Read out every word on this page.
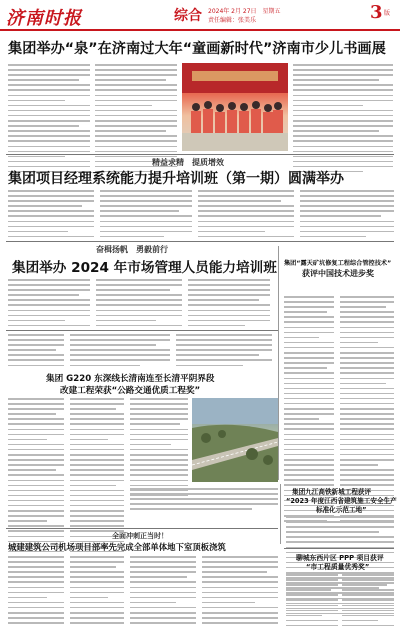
济南时报	综合 2024年 2月 27日　星期五
责任编辑：张美乐	3 版
集团举办“泉”在济南过大年“童画新时代”济南市少儿书画展
精益求精　提质增效
集团项目经理系统能力提升培训班（第一期）圆满举办
奋楫扬帆　勇毅前行
集团举办 2024 年市场管理人员能力培训班 集团“露天矿坑修复工程综合管控技术”
获评中国技术进步奖
集团 G220 东深线长清南连至长清平阴界段
改建工程荣获“公路交通优质工程奖”
集团九江高铁新城工程获评
“2023 年度江西省建筑施工安全生产
标准化示范工地”
全面冲刺正当时！
城建建筑公司机场项目部率先完成全部单体地下室顶板浇筑
聊城东西片区 PPP 项目获评
“市工程质量优秀奖”
